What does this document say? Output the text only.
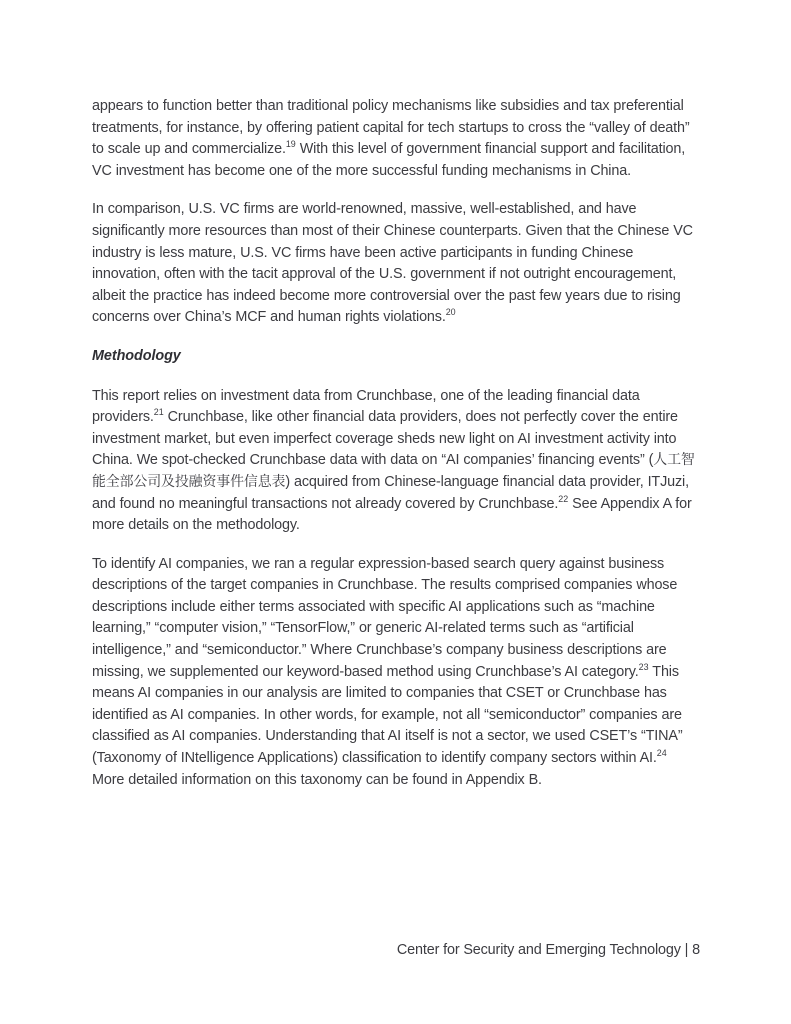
appears to function better than traditional policy mechanisms like subsidies and tax preferential treatments, for instance, by offering patient capital for tech startups to cross the “valley of death” to scale up and commercialize.$^{19}$ With this level of government financial support and facilitation, VC investment has become one of the more successful funding mechanisms in China.

In comparison, U.S. VC firms are world-renowned, massive, well-established, and have significantly more resources than most of their Chinese counterparts. Given that the Chinese VC industry is less mature, U.S. VC firms have been active participants in funding Chinese innovation, often with the tacit approval of the U.S. government if not outright encouragement, albeit the practice has indeed become more controversial over the past few years due to rising concerns over China’s MCF and human rights violations.$^{20}$

Methodology

This report relies on investment data from Crunchbase, one of the leading financial data providers.$^{21}$ Crunchbase, like other financial data providers, does not perfectly cover the entire investment market, but even imperfect coverage sheds new light on AI investment activity into China. We spot-checked Crunchbase data with data on “AI companies’ financing events” (人工智能全部公司及投融资事件信息表) acquired from Chinese-language financial data provider, ITJuzi, and found no meaningful transactions not already covered by Crunchbase.$^{22}$ See Appendix A for more details on the methodology.

To identify AI companies, we ran a regular expression-based search query against business descriptions of the target companies in Crunchbase. The results comprised companies whose descriptions include either terms associated with specific AI applications such as “machine learning,” “computer vision,” “TensorFlow,” or generic AI-related terms such as “artificial intelligence,” and “semiconductor.” Where Crunchbase’s company business descriptions are missing, we supplemented our keyword-based method using Crunchbase’s AI category.$^{23}$ This means AI companies in our analysis are limited to companies that CSET or Crunchbase has identified as AI companies. In other words, for example, not all “semiconductor” companies are classified as AI companies. Understanding that AI itself is not a sector, we used CSET’s “TINA” (Taxonomy of INtelligence Applications) classification to identify company sectors within AI.$^{24}$ More detailed information on this taxonomy can be found in Appendix B.

Center for Security and Emerging Technology | 8
